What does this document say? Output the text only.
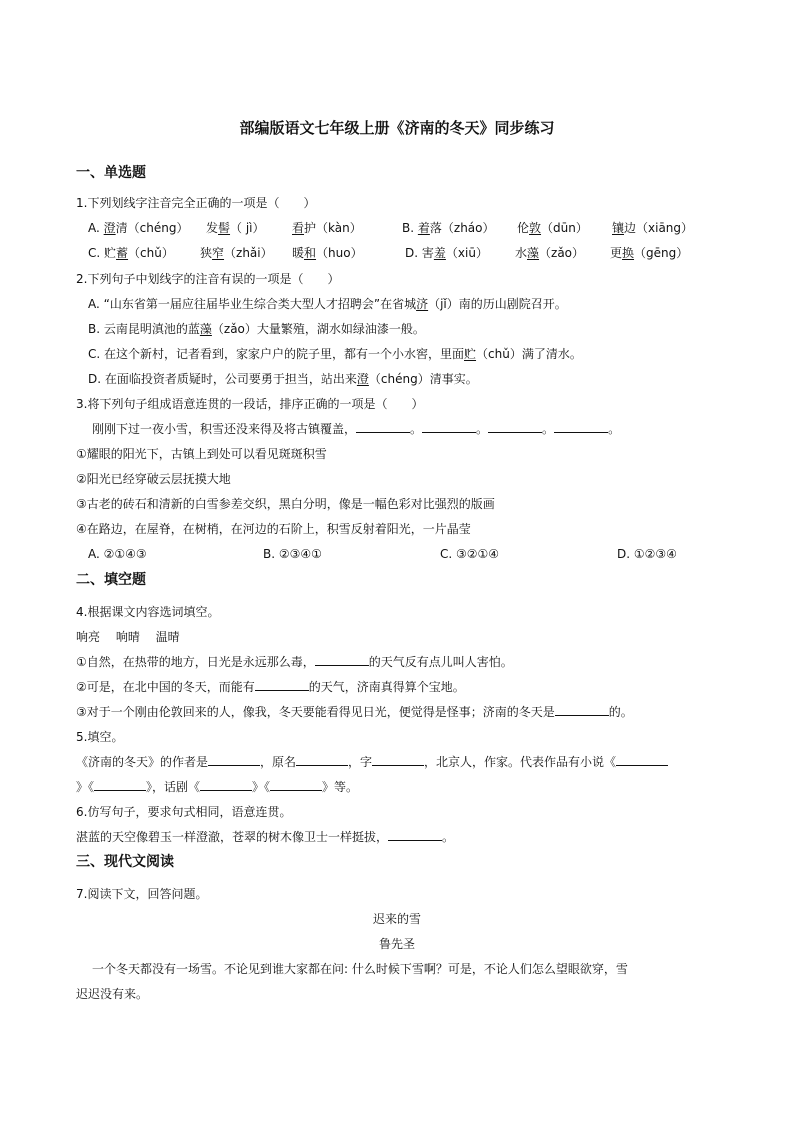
部编版语文七年级上册《济南的冬天》同步练习
一、单选题
1.下列划线字注音完全正确的一项是（　　）
A. 澄清（chéng） 发髻（ jì） 看护（kàn）	B. 着落（zháo） 伦敦（dūn） 镶边（xiāng）
C. 贮蓄（chǔ） 狭窄（zhǎi） 暖和（huo）	D. 害羞（xiū） 水藻（zǎo） 更换（gēng）
2.下列句子中划线字的注音有误的一项是（　　）
A. “山东省第一届应往届毕业生综合类大型人才招聘会”在省城济（jǐ）南的历山剧院召开。
B. 云南昆明滇池的蓝藻（zǎo）大量繁殖，湖水如绿油漆一般。
C. 在这个新村，记者看到，家家户户的院子里，都有一个小水窖，里面贮（chǔ）满了清水。
D. 在面临投资者质疑时，公司要勇于担当，站出来澄（chéng）清事实。
3.将下列句子组成语意连贯的一段话，排序正确的一项是（　　）
刚刚下过一夜小雪，积雪还没来得及将古镇覆盖，	。	。	。	。
①耀眼的阳光下，古镇上到处可以看见斑斑积雪
②阳光已经穿破云层抚摸大地
③古老的砖石和清新的白雪参差交织，黑白分明，像是一幅色彩对比强烈的版画
④在路边，在屋脊，在树梢，在河边的石阶上，积雪反射着阳光，一片晶莹
A. ②①④③	B. ②③④①	C. ③②①④	D. ①②③④
二、填空题
4.根据课文内容选词填空。
响亮　 响晴　 温晴
①自然，在热带的地方，日光是永远那么毒，	的天气反有点儿叫人害怕。
②可是，在北中国的冬天，而能有	的天气，济南真得算个宝地。
③对于一个刚由伦敦回来的人，像我，冬天要能看得见日光，便觉得是怪事；济南的冬天是	的。
5.填空。
《济南的冬天》的作者是	，原名	，字	，北京人，作家。代表作品有小说《
》《	》，话剧《	》《	》等。
6.仿写句子，要求句式相同，语意连贯。
湛蓝的天空像碧玉一样澄澈，苍翠的树木像卫士一样挺拔，	。
三、现代文阅读
7.阅读下文，回答问题。
迟来的雪
鲁先圣
一个冬天都没有一场雪。不论见到谁大家都在问: 什么时候下雪啊？可是，不论人们怎么望眼欲穿，雪
迟迟没有来。
